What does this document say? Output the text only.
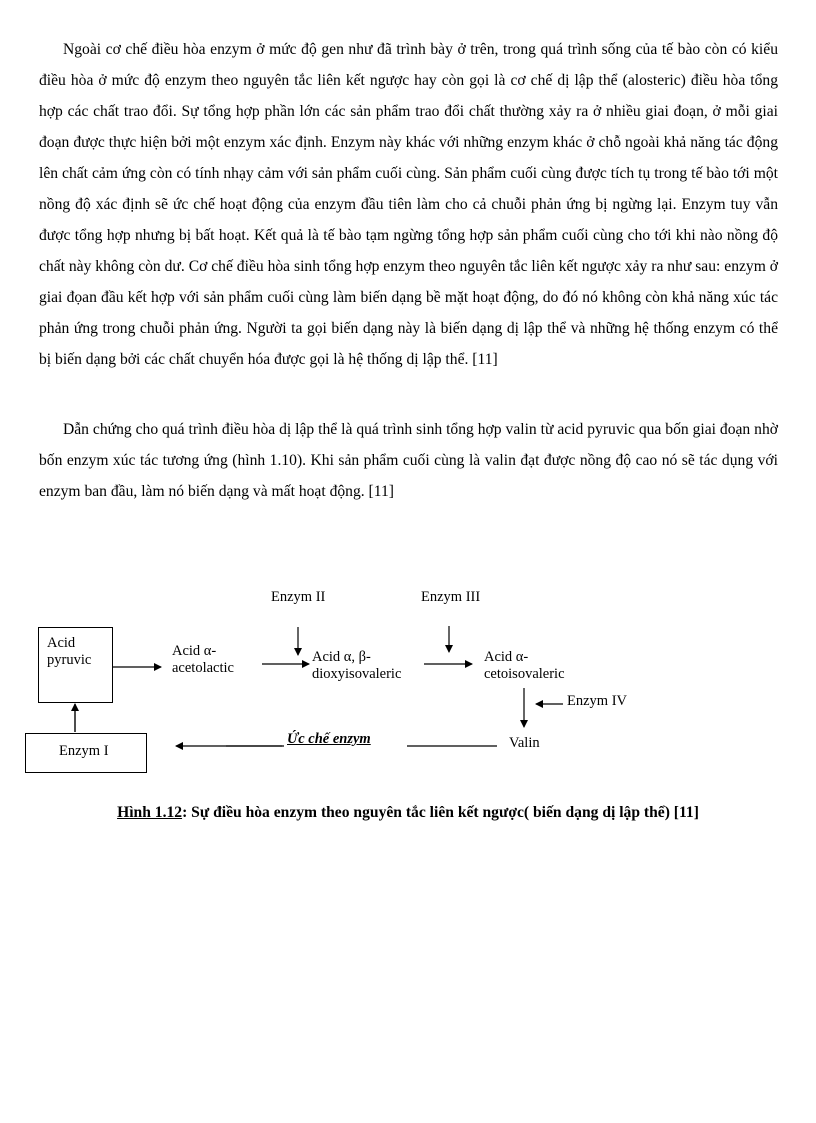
Ngoài cơ chế điều hòa enzym ở mức độ gen như đã trình bày ở trên, trong quá trình sống của tế bào còn có kiểu điều hòa ở mức độ enzym theo nguyên tắc liên kết ngược hay còn gọi là cơ chế dị lập thể (alosteric) điều hòa tổng hợp các chất trao đổi. Sự tổng hợp phần lớn các sản phẩm trao đổi chất thường xảy ra ở nhiều giai đoạn, ở mỗi giai đoạn được thực hiện bởi một enzym xác định. Enzym này khác với những enzym khác ở chỗ ngoài khả năng tác động lên chất cảm ứng còn có tính nhạy cảm với sản phẩm cuối cùng. Sản phẩm cuối cùng được tích tụ trong tế bào tới một nồng độ xác định sẽ ức chế hoạt động của enzym đầu tiên làm cho cả chuỗi phản ứng bị ngừng lại. Enzym tuy vẫn được tổng hợp nhưng bị bất hoạt. Kết quả là tế bào tạm ngừng tổng hợp sản phẩm cuối cùng cho tới khi nào nồng độ chất này không còn dư. Cơ chế điều hòa sinh tổng hợp enzym theo nguyên tắc liên kết ngược xảy ra như sau: enzym ở giai đọan đầu kết hợp với sản phẩm cuối cùng làm biến dạng bề mặt hoạt động, do đó nó không còn khả năng xúc tác phản ứng trong chuỗi phản ứng. Người ta gọi biến dạng này là biến dạng dị lập thể và những hệ thống enzym có thể bị biến dạng bởi các chất chuyển hóa được gọi là hệ thống dị lập thể. [11]

Dẫn chứng cho quá trình điều hòa dị lập thể là quá trình sinh tổng hợp valin từ acid pyruvic qua bốn giai đoạn nhờ bốn enzym xúc tác tương ứng (hình 1.10). Khi sản phẩm cuối cùng là valin đạt được nồng độ cao nó sẽ tác dụng với enzym ban đầu, làm nó biến dạng và mất hoạt động. [11]

Acid
pyruvic
Acid α-
acetolactic
Acid α, β-
dioxyisovaleric
Acid α-
cetoisovaleric
Enzym II	Enzym III
Enzym IV
Valin
Ức chế enzym
Enzym I
Hình 1.12: Sự điều hòa enzym theo nguyên tắc liên kết ngược( biến dạng dị lập thể) [11]
